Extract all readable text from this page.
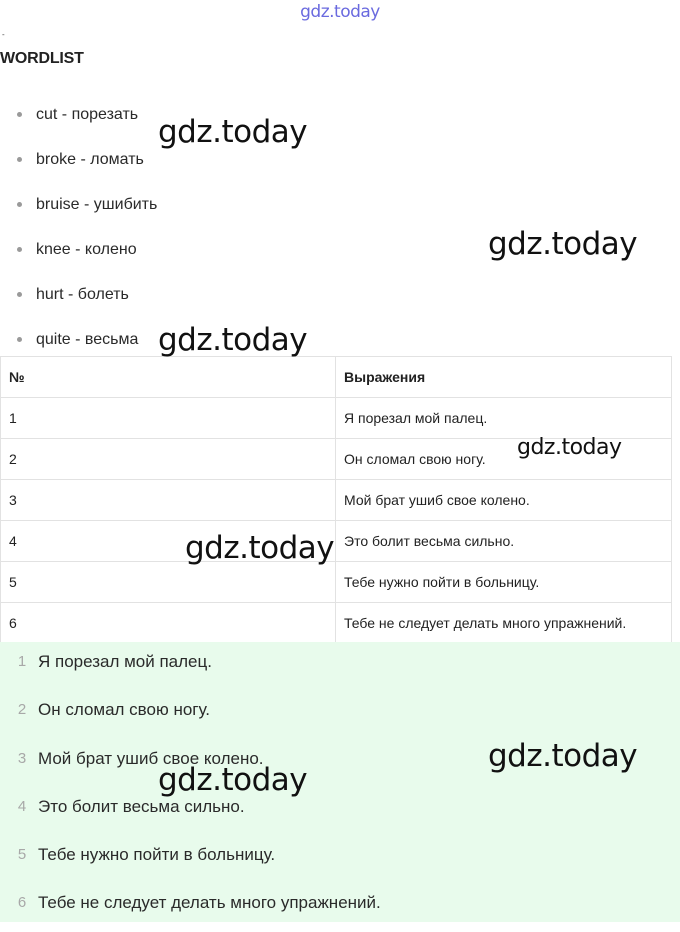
gdz.today
-
WORDLIST
cut - порезать
broke - ломать
bruise - ушибить
knee - колено
hurt - болеть
quite - весьма
№	Выражения
1	Я порезал мой палец.
2	Он сломал свою ногу.
3	Мой брат ушиб свое колено.
4	Это болит весьма сильно.
5	Тебе нужно пойти в больницу.
6	Тебе не следует делать много упражнений.
1 Я порезал мой палец.
2 Он сломал свою ногу.
3 Мой брат ушиб свое колено.
4 Это болит весьма сильно.
5 Тебе нужно пойти в больницу.
6 Тебе не следует делать много упражнений.
gdz.today
gdz.today
gdz.today
gdz.today
gdz.today
gdz.today
gdz.today
